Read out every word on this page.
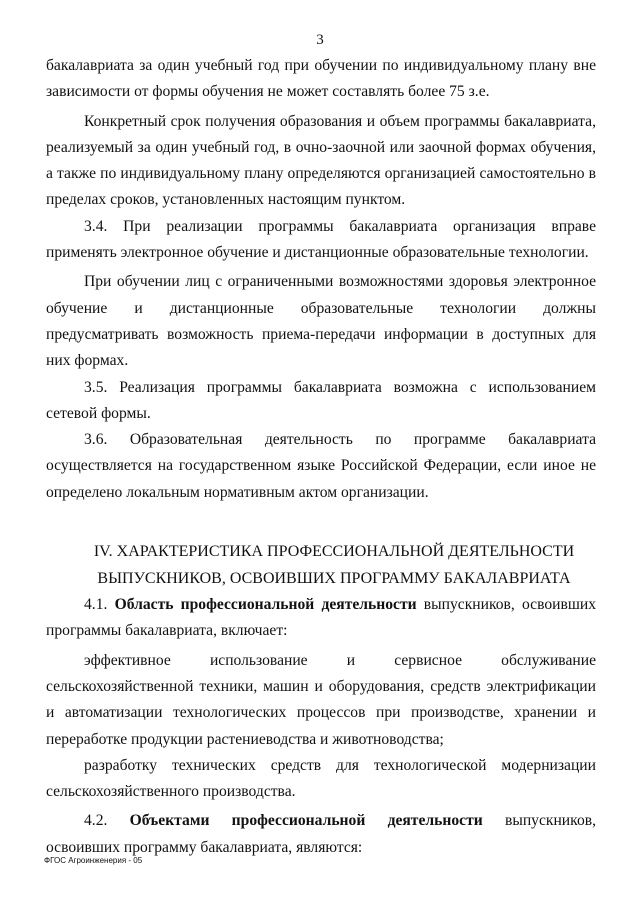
3

бакалавриата за один учебный год при обучении по индивидуальному плану вне зависимости от формы обучения не может составлять более 75 з.е.

Конкретный срок получения образования и объем программы бакалавриата, реализуемый за один учебный год, в очно-заочной или заочной формах обучения, а также по индивидуальному плану определяются организацией самостоятельно в пределах сроков, установленных настоящим пунктом.

3.4. При реализации программы бакалавриата организация вправе применять электронное обучение и дистанционные образовательные технологии.

При обучении лиц с ограниченными возможностями здоровья электронное обучение и дистанционные образовательные технологии должны предусматривать возможность приема-передачи информации в доступных для них формах.

3.5. Реализация программы бакалавриата возможна с использованием сетевой формы.

3.6. Образовательная деятельность по программе бакалавриата осуществляется на государственном языке Российской Федерации, если иное не определено локальным нормативным актом организации.

IV. ХАРАКТЕРИСТИКА ПРОФЕССИОНАЛЬНОЙ ДЕЯТЕЛЬНОСТИ
ВЫПУСКНИКОВ, ОСВОИВШИХ ПРОГРАММУ БАКАЛАВРИАТА

4.1. Область профессиональной деятельности выпускников, освоивших программы бакалавриата, включает:

эффективное использование и сервисное обслуживание сельскохозяйственной техники, машин и оборудования, средств электрификации и автоматизации технологических процессов при производстве, хранении и переработке продукции растениеводства и животноводства;

разработку технических средств для технологической модернизации сельскохозяйственного производства.

4.2. Объектами профессиональной деятельности выпускников, освоивших программу бакалавриата, являются:

ФГОС Агроинженерия - 05
